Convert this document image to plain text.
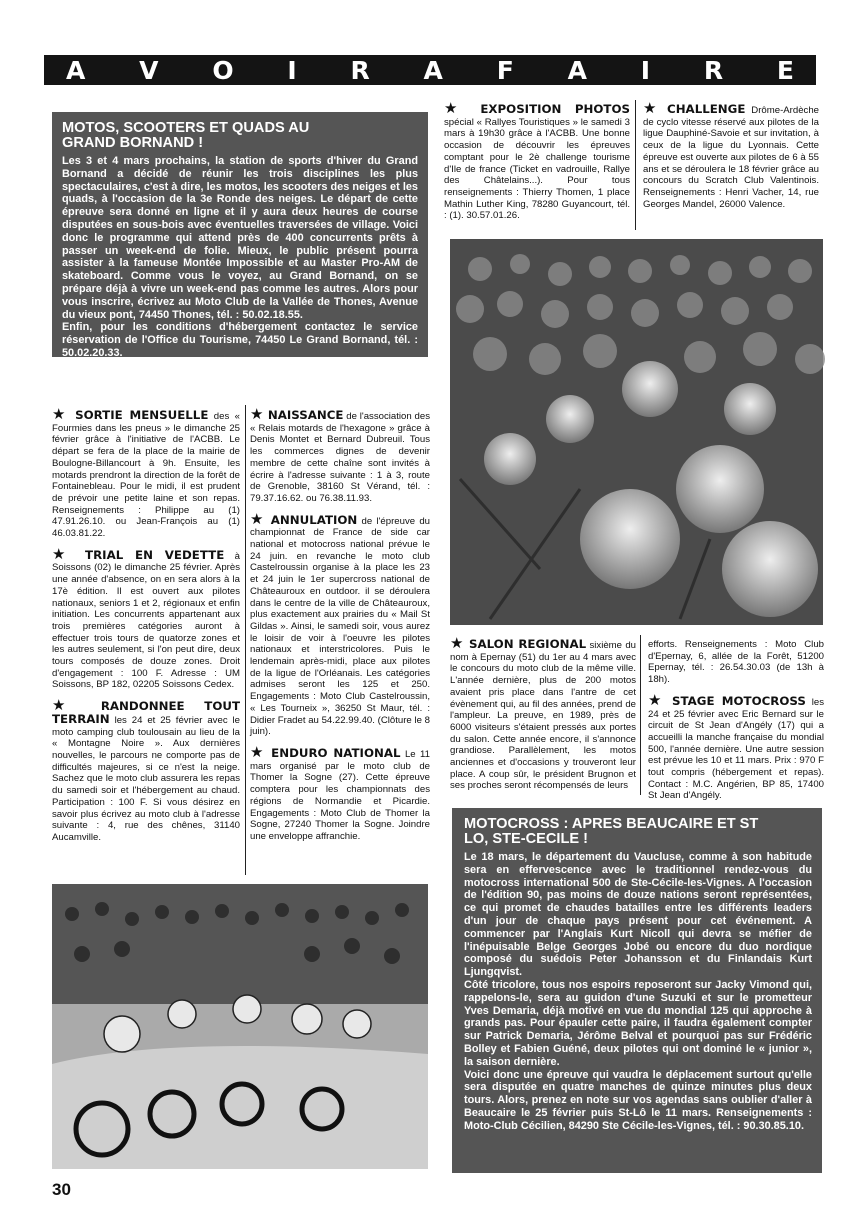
A V O I R A F A I R E
MOTOS, SCOOTERS ET QUADS AU GRAND BORNAND !

Les 3 et 4 mars prochains, la station de sports d'hiver du Grand Bornand a décidé de réunir les trois disciplines les plus spectaculaires, c'est à dire, les motos, les scooters des neiges et les quads, à l'occasion de la 3e Ronde des neiges. Le départ de cette épreuve sera donné en ligne et il y aura deux heures de course disputées en sous-bois avec éventuelles traversées de village. Voici donc le programme qui attend près de 400 concurrents prêts à passer un week-end de folie. Mieux, le public présent pourra assister à la fameuse Montée Impossible et au Master Pro-AM de skateboard. Comme vous le voyez, au Grand Bornand, on se prépare déjà à vivre un week-end pas comme les autres. Alors pour vous inscrire, écrivez au Moto Club de la Vallée de Thones, Avenue du vieux pont, 74450 Thones, tél. : 50.02.18.55.

Enfin, pour les conditions d'hébergement contactez le service réservation de l'Office du Tourisme, 74450 Le Grand Bornand, tél. : 50.02.20.33.

★ SORTIE MENSUELLE des « Fourmies dans les pneus » le dimanche 25 février grâce à l'initiative de l'ACBB. Le départ se fera de la place de la mairie de Boulogne-Billancourt à 9h. Ensuite, les motards prendront la direction de la forêt de Fontainebleau. Pour le midi, il est prudent de prévoir une petite laine et son repas. Renseignements : Philippe au (1) 47.91.26.10. ou Jean-François au (1) 46.03.81.22.

★ TRIAL EN VEDETTE à Soissons (02) le dimanche 25 février. Après une année d'absence, on en sera alors à la 17è édition. Il est ouvert aux pilotes nationaux, seniors 1 et 2, régionaux et enfin initiation. Les concurrents appartenant aux trois premières catégories auront à effectuer trois tours de quatorze zones et les autres seulement, si l'on peut dire, deux tours composés de douze zones. Droit d'engagement : 100 F. Adresse : UM Soissons, BP 182, 02205 Soissons Cedex.

★ RANDONNEE TOUT TERRAIN les 24 et 25 février avec le moto camping club toulousain au lieu de la « Montagne Noire ». Aux dernières nouvelles, le parcours ne comporte pas de difficultés majeures, si ce n'est la neige. Sachez que le moto club assurera les repas du samedi soir et l'hébergement au chaud. Participation : 100 F. Si vous désirez en savoir plus écrivez au moto club à l'adresse suivante : 4, rue des chênes, 31140 Aucamville.

★ NAISSANCE de l'association des « Relais motards de l'hexagone » grâce à Denis Montet et Bernard Dubreuil. Tous les commerces dignes de devenir membre de cette chaîne sont invités à écrire à l'adresse suivante : 1 à 3, route de Grenoble, 38160 St Vérand, tél. : 79.37.16.62. ou 76.38.11.93.

★ ANNULATION de l'épreuve du championnat de France de side car national et motocross national prévue le 24 juin. en revanche le moto club Castelroussin organise à la place les 23 et 24 juin le 1er supercross national de Châteauroux en outdoor. il se déroulera dans le centre de la ville de Châteauroux, plus exactement aux prairies du « Mail St Gildas ». Ainsi, le samedi soir, vous aurez le loisir de voir à l'oeuvre les pilotes nationaux et interstricolores. Puis le lendemain après-midi, place aux pilotes de la ligue de l'Orléanais. Les catégories admises seront les 125 et 250. Engagements : Moto Club Castelroussin, « Les Tourneix », 36250 St Maur, tél. : Didier Fradet au 54.22.99.40. (Clôture le 8 juin).

★ ENDURO NATIONAL Le 11 mars organisé par le moto club de Thomer la Sogne (27). Cette épreuve comptera pour les championnats des régions de Normandie et Picardie. Engagements : Moto Club de Thomer la Sogne, 27240 Thomer la Sogne. Joindre une enveloppe affranchie.

★ EXPOSITION PHOTOS spécial « Rallyes Touristiques » le samedi 3 mars à 19h30 grâce à l'ACBB. Une bonne occasion de découvrir les épreuves comptant pour le 2è challenge tourisme d'Ile de france (Ticket en vadrouille, Rallye des Châtelains...). Pour tous renseignements : Thierry Thomen, 1 place Mathin Luther King, 78280 Guyancourt, tél. : (1). 30.57.01.26.

★ CHALLENGE Drôme-Ardèche de cyclo vitesse réservé aux pilotes de la ligue Dauphiné-Savoie et sur invitation, à ceux de la ligue du Lyonnais. Cette épreuve est ouverte aux pilotes de 6 à 55 ans et se déroulera le 18 février grâce au concours du Scratch Club Valentinois. Renseignements : Henri Vacher, 14, rue Georges Mandel, 26000 Valence.

★ SALON REGIONAL sixième du nom à Epernay (51) du 1er au 4 mars avec le concours du moto club de la même ville. L'année dernière, plus de 200 motos avaient pris place dans l'antre de cet évènement qui, au fil des années, prend de l'ampleur. La preuve, en 1989, près de 6000 visiteurs s'étaient pressés aux portes du salon. Cette année encore, il s'annonce grandiose. Parallèlement, les motos anciennes et d'occasions y trouveront leur place. A coup sûr, le président Brugnon et ses proches seront récompensés de leurs

efforts. Renseignements : Moto Club d'Epernay, 6, allée de la Forêt, 51200 Epernay, tél. : 26.54.30.03 (de 13h à 18h).

★ STAGE MOTOCROSS les 24 et 25 février avec Eric Bernard sur le circuit de St Jean d'Angély (17) qui a accueilli la manche française du mondial 500, l'année dernière. Une autre session est prévue les 10 et 11 mars. Prix : 970 F tout compris (hébergement et repas). Contact : M.C. Angérien, BP 85, 17400 St Jean d'Angély.

MOTOCROSS : APRES BEAUCAIRE ET ST LO, STE-CECILE !

Le 18 mars, le département du Vaucluse, comme à son habitude sera en effervescence avec le traditionnel rendez-vous du motocross international 500 de Ste-Cécile-les-Vignes. A l'occasion de l'édition 90, pas moins de douze nations seront représentées, ce qui promet de chaudes batailles entre les différents leaders d'un jour de chaque pays présent pour cet événement. A commencer par l'Anglais Kurt Nicoll qui devra se méfier de l'inépuisable Belge Georges Jobé ou encore du duo nordique composé du suédois Peter Johansson et du Finlandais Kurt Ljungqvist.

Côté tricolore, tous nos espoirs reposeront sur Jacky Vimond qui, rappelons-le, sera au guidon d'une Suzuki et sur le prometteur Yves Demaria, déjà motivé en vue du mondial 125 qui approche à grands pas. Pour épauler cette paire, il faudra également compter sur Patrick Demaria, Jérôme Belval et pourquoi pas sur Frédéric Bolley et Fabien Guéné, deux pilotes qui ont dominé le « junior », la saison dernière.

Voici donc une épreuve qui vaudra le déplacement surtout qu'elle sera disputée en quatre manches de quinze minutes plus deux tours. Alors, prenez en note sur vos agendas sans oublier d'aller à Beaucaire le 25 février puis St-Lô le 11 mars. Renseignements : Moto-Club Cécilien, 84290 Ste Cécile-les-Vignes, tél. : 90.30.85.10.

30
